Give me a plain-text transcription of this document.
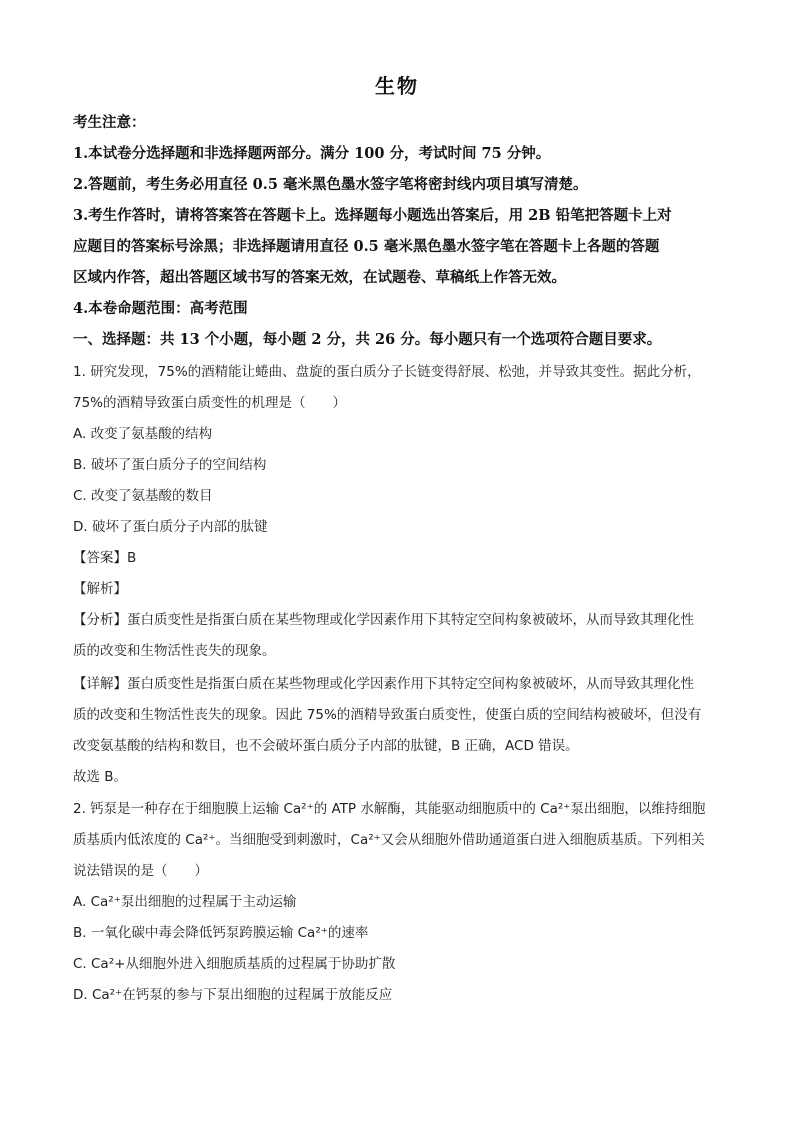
生物
考生注意：
1.本试卷分选择题和非选择题两部分。满分 100 分，考试时间 75 分钟。
2.答题前，考生务必用直径 0.5 毫米黑色墨水签字笔将密封线内项目填写清楚。
3.考生作答时，请将答案答在答题卡上。选择题每小题选出答案后，用 2B 铅笔把答题卡上对
应题目的答案标号涂黑；非选择题请用直径 0.5 毫米黑色墨水签字笔在答题卡上各题的答题
区域内作答，超出答题区域书写的答案无效，在试题卷、草稿纸上作答无效。
4.本卷命题范围：高考范围
一、选择题：共 13 个小题，每小题 2 分，共 26 分。每小题只有一个选项符合题目要求。
1. 研究发现，75%的酒精能让蜷曲、盘旋的蛋白质分子长链变得舒展、松弛，并导致其变性。据此分析，
75%的酒精导致蛋白质变性的机理是（　　）
A. 改变了氨基酸的结构
B. 破坏了蛋白质分子的空间结构
C. 改变了氨基酸的数目
D. 破坏了蛋白质分子内部的肽键
【答案】B
【解析】
【分析】蛋白质变性是指蛋白质在某些物理或化学因素作用下其特定空间构象被破坏，从而导致其理化性
质的改变和生物活性丧失的现象。
【详解】蛋白质变性是指蛋白质在某些物理或化学因素作用下其特定空间构象被破坏，从而导致其理化性
质的改变和生物活性丧失的现象。因此 75%的酒精导致蛋白质变性，使蛋白质的空间结构被破坏，但没有
改变氨基酸的结构和数目，也不会破坏蛋白质分子内部的肽键，B 正确，ACD 错误。
故选 B。
2. 钙泵是一种存在于细胞膜上运输 Ca²⁺的 ATP 水解酶，其能驱动细胞质中的 Ca²⁺泵出细胞，以维持细胞
质基质内低浓度的 Ca²⁺。当细胞受到刺激时，Ca²⁺又会从细胞外借助通道蛋白进入细胞质基质。下列相关
说法错误的是（　　）
A. Ca²⁺泵出细胞的过程属于主动运输
B. 一氧化碳中毒会降低钙泵跨膜运输 Ca²⁺的速率
C. Ca²+从细胞外进入细胞质基质的过程属于协助扩散
D. Ca²⁺在钙泵的参与下泵出细胞的过程属于放能反应
